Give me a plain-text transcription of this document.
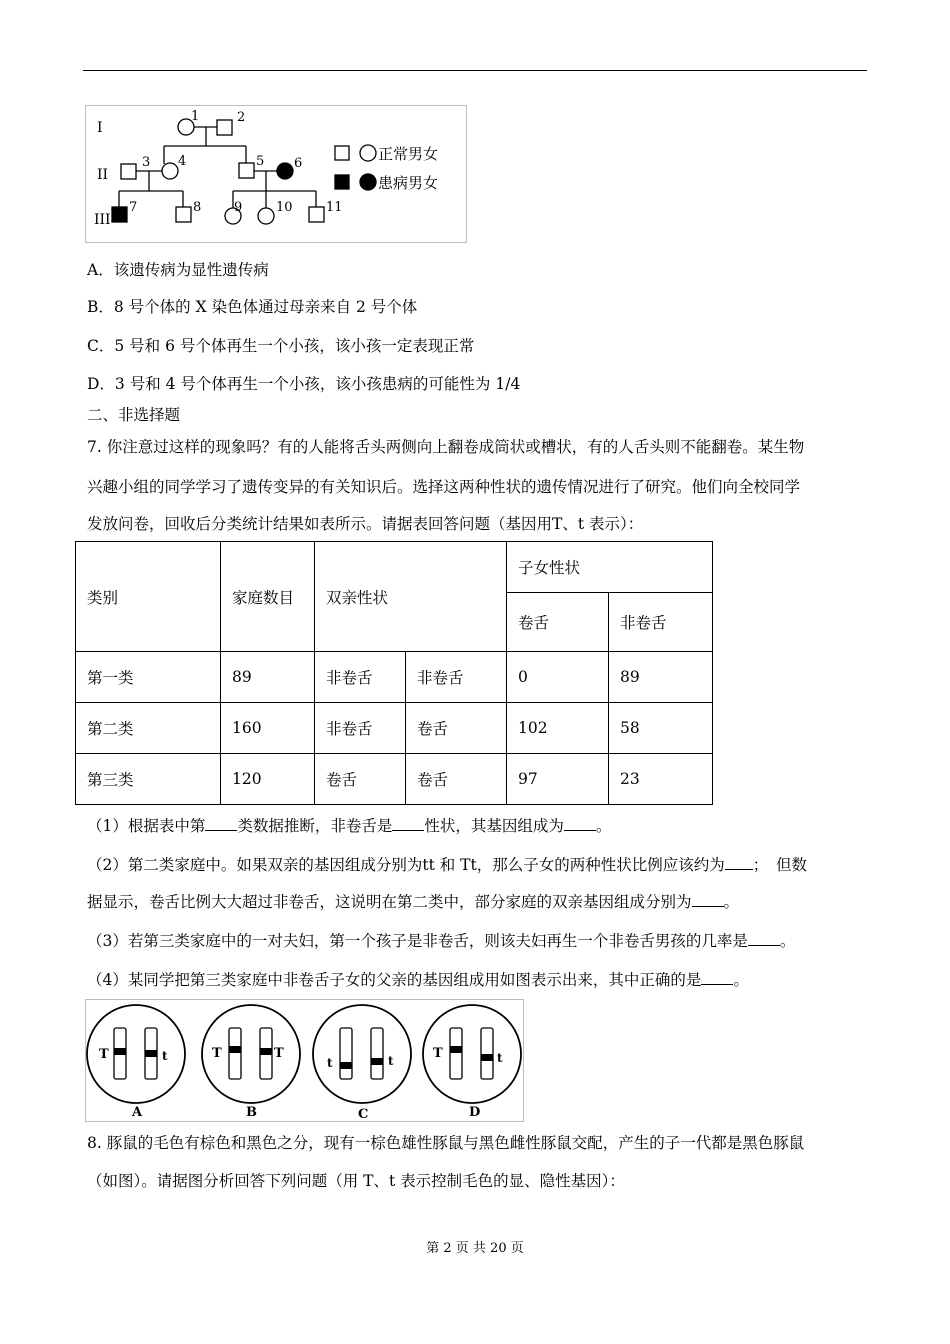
I
II
III
1	2
3 4	5 6
7	8	9	10	11
正常男女
患病男女
A．该遗传病为显性遗传病
B．8 号个体的 X 染色体通过母亲来自 2 号个体
C．5 号和 6 号个体再生一个小孩，该小孩一定表现正常
D．3 号和 4 号个体再生一个小孩，该小孩患病的可能性为 1/4
二、非选择题
7. 你注意过这样的现象吗？有的人能将舌头两侧向上翻卷成筒状或槽状，有的人舌头则不能翻卷。某生物
兴趣小组的同学学习了遗传变异的有关知识后。选择这两种性状的遗传情况进行了研究。他们向全校同学
发放问卷，回收后分类统计结果如表所示。请据表回答问题（基因用T、t 表示）：
类别	家庭数目	双亲性状		子女性状	
				卷舌	非卷舌
第一类	89	非卷舌	非卷舌	0	89
第二类	160	非卷舌	卷舌	102	58
第三类	120	卷舌	卷舌	97	23
（1）根据表中第 类数据推断，非卷舌是 性状，其基因组成为 。
（2）第二类家庭中。如果双亲的基因组成分别为tt 和 Tt，那么子女的两种性状比例应该约为 ；　但数
据显示，卷舌比例大大超过非卷舌，这说明在第二类中，部分家庭的双亲基因组成分别为 。
（3）若第三类家庭中的一对夫妇，第一个孩子是非卷舌，则该夫妇再生一个非卷舌男孩的几率是 。
（4）某同学把第三类家庭中非卷舌子女的父亲的基因组成用如图表示出来，其中正确的是 。
T	t	T	T
t	t	T	t
A	B	C	D
8. 豚鼠的毛色有棕色和黑色之分，现有一棕色雄性豚鼠与黑色雌性豚鼠交配，产生的子一代都是黑色豚鼠
（如图）。请据图分析回答下列问题（用 T、t 表示控制毛色的显、隐性基因）：
第 2 页 共 20 页
